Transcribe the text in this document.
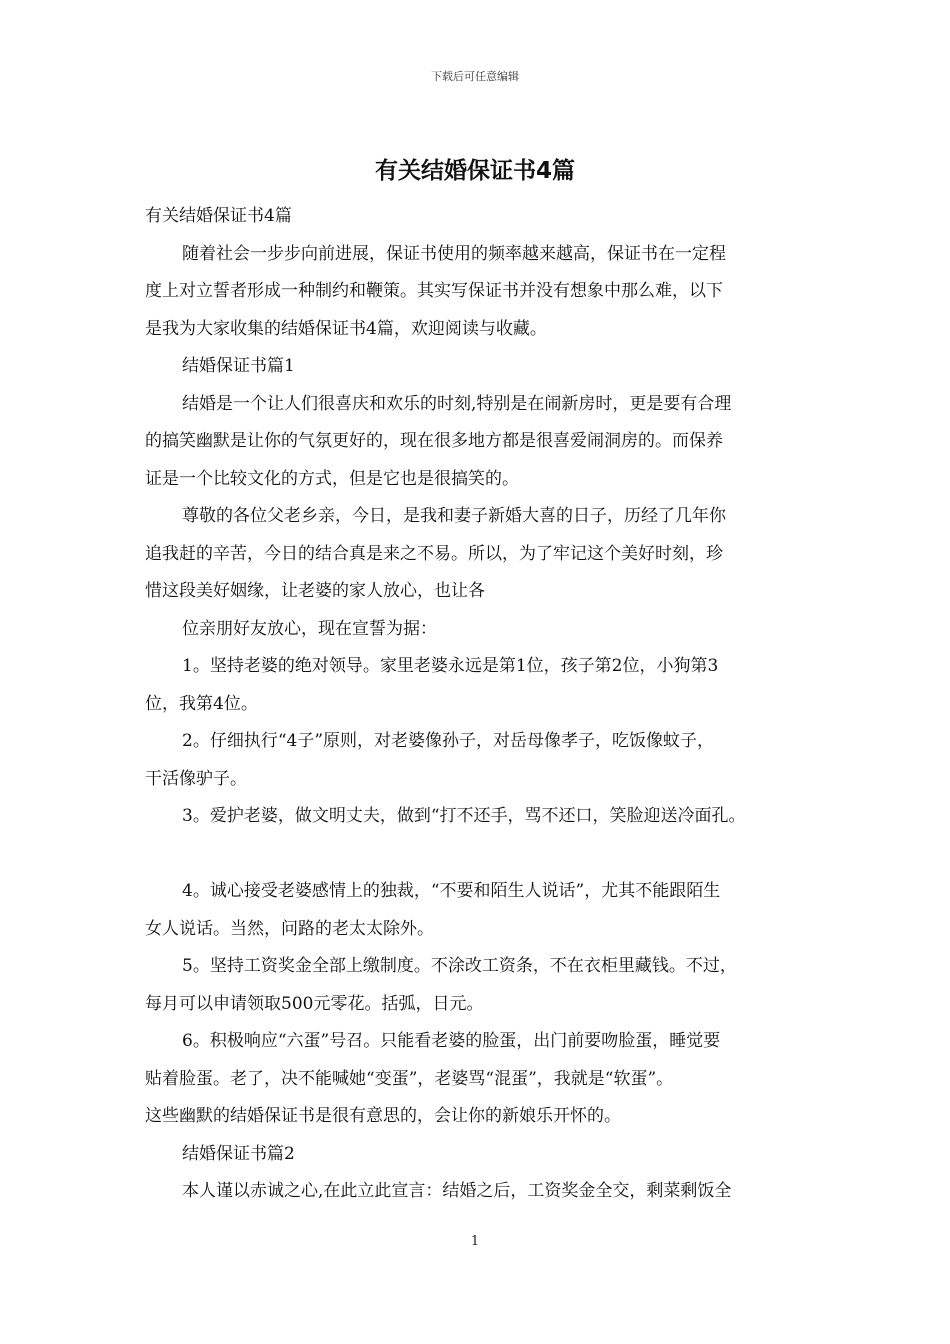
下载后可任意编辑
有关结婚保证书4篇
有关结婚保证书4篇
随着社会一步步向前进展，保证书使用的频率越来越高，保证书在一定程
度上对立誓者形成一种制约和鞭策。其实写保证书并没有想象中那么难，以下
是我为大家收集的结婚保证书4篇，欢迎阅读与收藏。
结婚保证书篇1
结婚是一个让人们很喜庆和欢乐的时刻,特别是在闹新房时，更是要有合理
的搞笑幽默是让你的气氛更好的，现在很多地方都是很喜爱闹洞房的。而保养
证是一个比较文化的方式，但是它也是很搞笑的。
尊敬的各位父老乡亲，今日，是我和妻子新婚大喜的日子，历经了几年你
追我赶的辛苦，今日的结合真是来之不易。所以，为了牢记这个美好时刻，珍
惜这段美好姻缘，让老婆的家人放心，也让各
位亲朋好友放心，现在宣誓为据：
1。坚持老婆的绝对领导。家里老婆永远是第1位，孩子第2位，小狗第3
位，我第4位。
2。仔细执行“4子”原则，对老婆像孙子，对岳母像孝子，吃饭像蚊子，
干活像驴子。
3。爱护老婆，做文明丈夫，做到“打不还手，骂不还口，笑脸迎送冷面孔。
4。诚心接受老婆感情上的独裁，“不要和陌生人说话”，尤其不能跟陌生
女人说话。当然，问路的老太太除外。
5。坚持工资奖金全部上缴制度。不涂改工资条，不在衣柜里藏钱。不过，
每月可以申请领取500元零花。括弧，日元。
6。积极响应“六蛋”号召。只能看老婆的脸蛋，出门前要吻脸蛋，睡觉要
贴着脸蛋。老了，决不能喊她“变蛋”，老婆骂“混蛋”，我就是“软蛋”。
这些幽默的结婚保证书是很有意思的，会让你的新娘乐开怀的。
结婚保证书篇2
本人谨以赤诚之心,在此立此宣言：结婚之后，工资奖金全交，剩菜剩饭全
1
